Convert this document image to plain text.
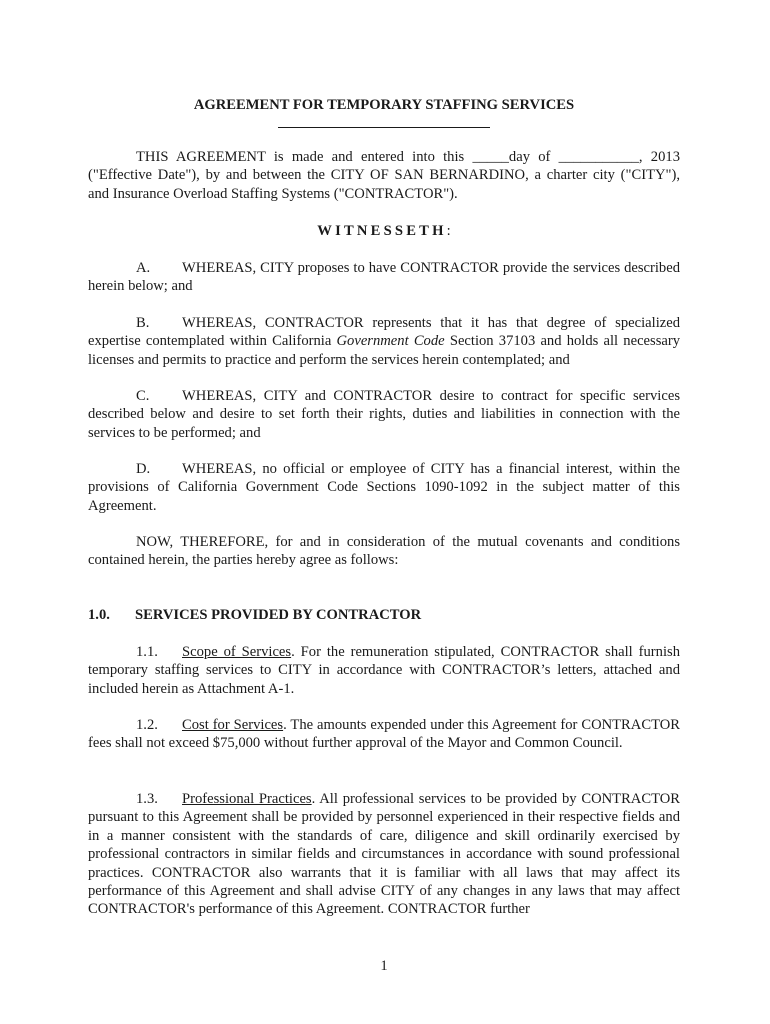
AGREEMENT FOR TEMPORARY STAFFING SERVICES
THIS AGREEMENT is made and entered into this _____day of ___________, 2013
("Effective Date"), by and between the CITY OF SAN BERNARDINO, a charter city ("CITY"),
and Insurance Overload Staffing Systems ("CONTRACTOR").
WITNESSETH:

A. WHEREAS, CITY proposes to have CONTRACTOR provide the services described herein below; and

B. WHEREAS, CONTRACTOR represents that it has that degree of specialized expertise contemplated within California Government Code Section 37103 and holds all necessary licenses and permits to practice and perform the services herein contemplated; and

C. WHEREAS, CITY and CONTRACTOR desire to contract for specific services described below and desire to set forth their rights, duties and liabilities in connection with the services to be performed; and

D. WHEREAS, no official or employee of CITY has a financial interest, within the provisions of California Government Code Sections 1090-1092 in the subject matter of this Agreement.

NOW, THEREFORE, for and in consideration of the mutual covenants and conditions contained herein, the parties hereby agree as follows:

1.0. SERVICES PROVIDED BY CONTRACTOR

1.1. Scope of Services. For the remuneration stipulated, CONTRACTOR shall furnish temporary staffing services to CITY in accordance with CONTRACTOR’s letters, attached and included herein as Attachment A-1.

1.2. Cost for Services. The amounts expended under this Agreement for CONTRACTOR fees shall not exceed $75,000 without further approval of the Mayor and Common Council.

1.3. Professional Practices. All professional services to be provided by CONTRACTOR pursuant to this Agreement shall be provided by personnel experienced in their respective fields and in a manner consistent with the standards of care, diligence and skill ordinarily exercised by professional contractors in similar fields and circumstances in accordance with sound professional practices. CONTRACTOR also warrants that it is familiar with all laws that may affect its performance of this Agreement and shall advise CITY of any changes in any laws that may affect CONTRACTOR's performance of this Agreement. CONTRACTOR further

1
